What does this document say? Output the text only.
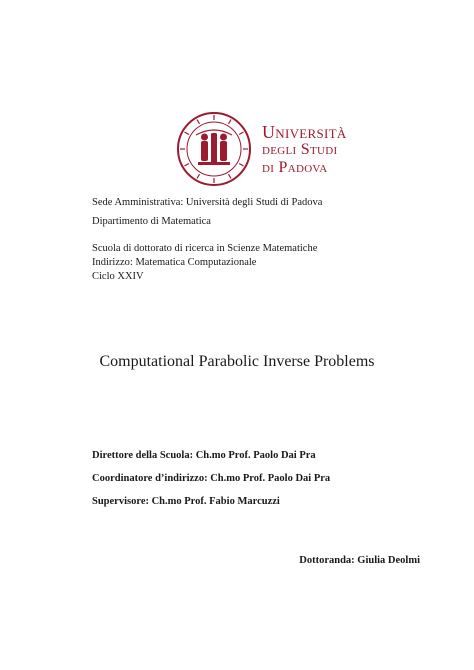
Università
degli Studi
di Padova
Sede Amministrativa: Università degli Studi di Padova
Dipartimento di Matematica
Scuola di dottorato di ricerca in Scienze Matematiche
Indirizzo: Matematica Computazionale
Ciclo XXIV
Computational Parabolic Inverse Problems
Direttore della Scuola: Ch.mo Prof. Paolo Dai Pra
Coordinatore d’indirizzo: Ch.mo Prof. Paolo Dai Pra
Supervisore: Ch.mo Prof. Fabio Marcuzzi
Dottoranda: Giulia Deolmi
